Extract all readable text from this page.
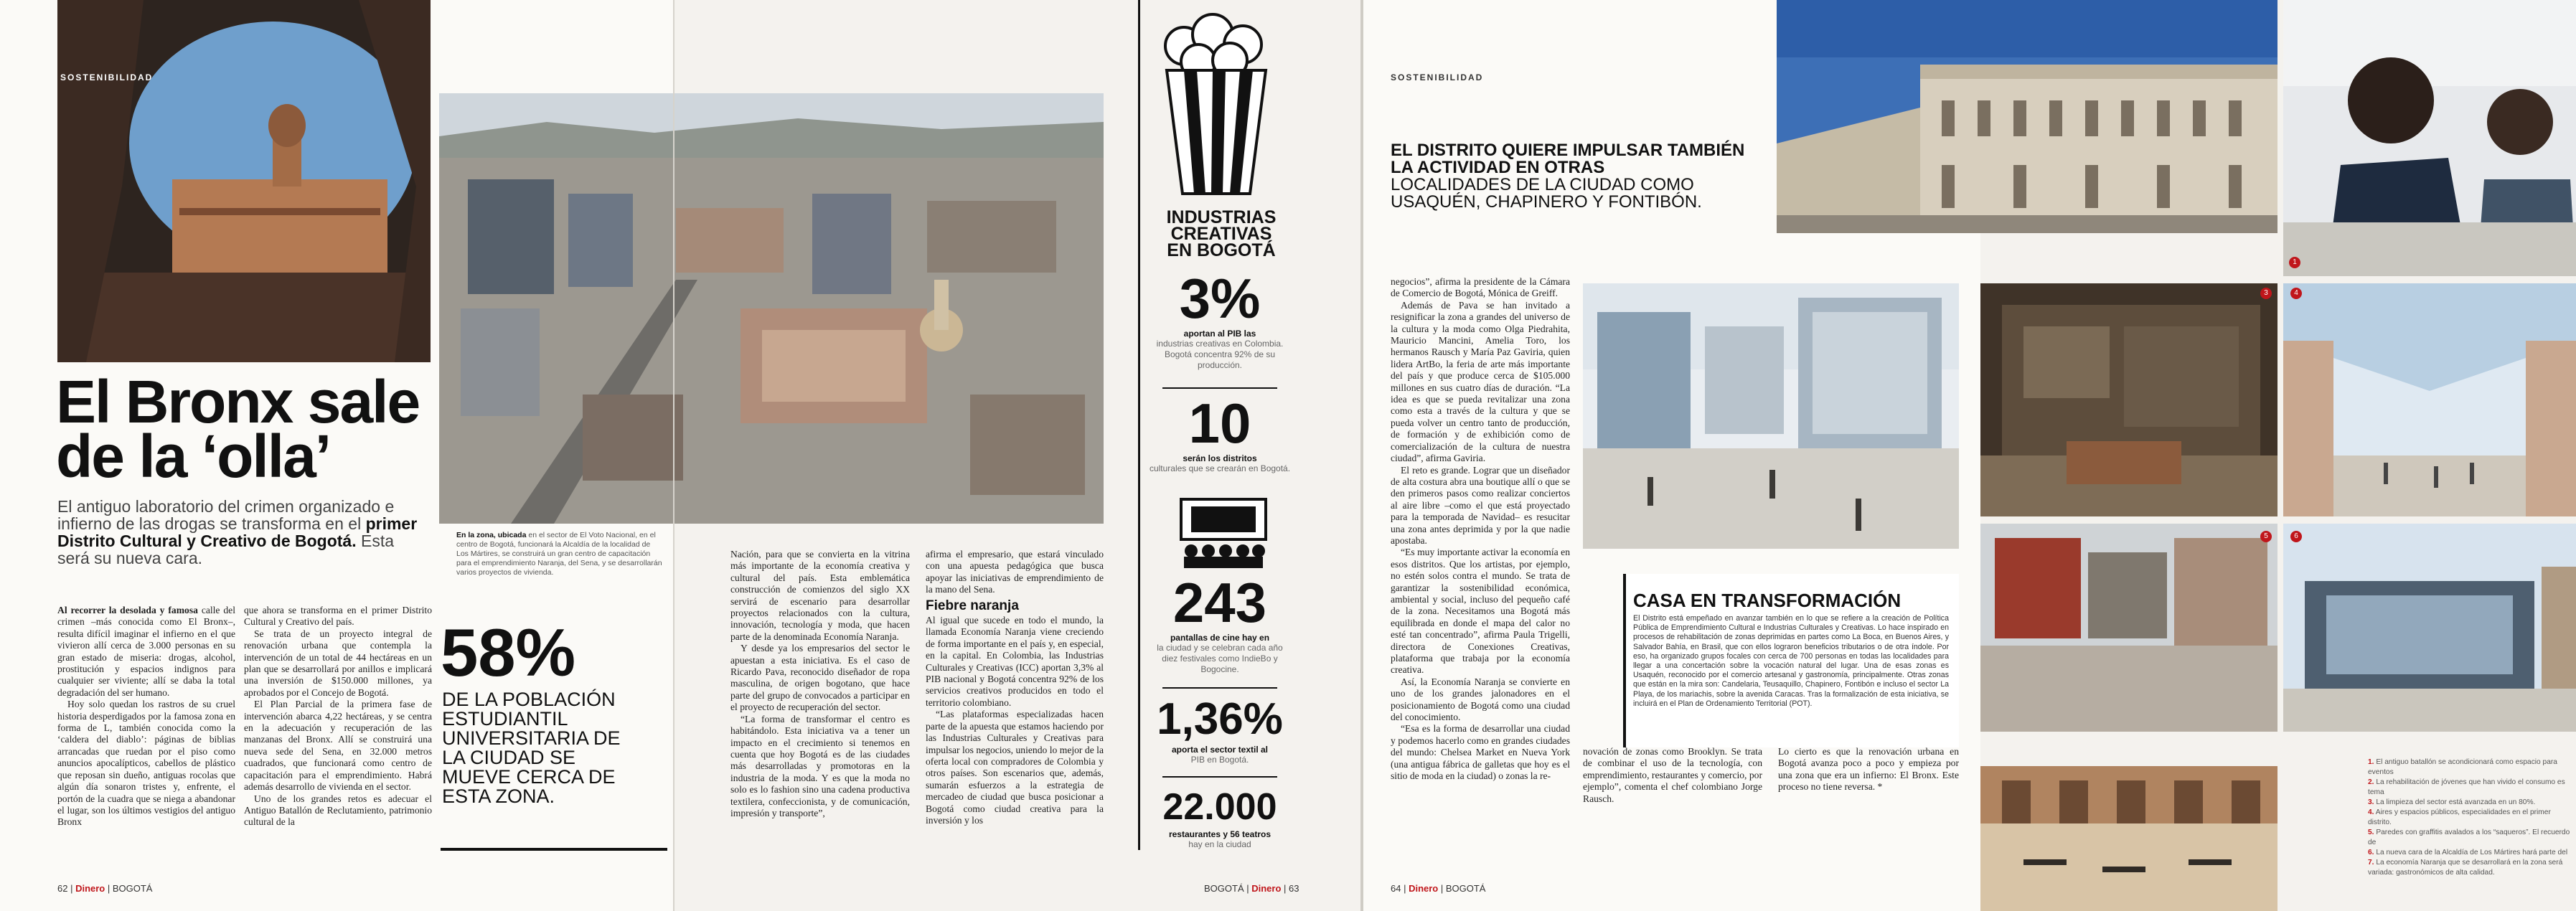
SOSTENIBILIDAD
El Bronx sale
de la ‘olla’
El antiguo laboratorio del crimen organizado e infierno de las drogas se transforma en el primer Distrito Cultural y Creativo de Bogotá. Esta será su nueva cara.

Al recorrer la desolada y famosa calle del crimen –más conocida como El Bronx–, resulta difícil imaginar el infierno en el que vivieron allí cerca de 3.000 personas en su gran estado de miseria: drogas, alcohol, prostitución y espacios indignos para cualquier ser viviente; allí se daba la total degradación del ser humano.

Hoy solo quedan los rastros de su cruel historia desperdigados por la famosa zona en forma de L, también conocida como la ‘caldera del diablo’: páginas de biblias arrancadas que ruedan por el piso como anuncios apocalípticos, cabellos de plástico que reposan sin dueño, antiguas rocolas que algún día sonaron tristes y, enfrente, el portón de la cuadra que se niega a abandonar el lugar, son los últimos vestigios del antiguo Bronx

que ahora se transforma en el primer Distrito Cultural y Creativo del país.

Se trata de un proyecto integral de renovación urbana que contempla la intervención de un total de 44 hectáreas en un plan que se desarrollará por anillos e implicará una inversión de $150.000 millones, ya aprobados por el Concejo de Bogotá.

El Plan Parcial de la primera fase de intervención abarca 4,22 hectáreas, y se centra en la adecuación y recuperación de las manzanas del Bronx. Allí se construirá una nueva sede del Sena, en 32.000 metros cuadrados, que funcionará como centro de capacitación para el emprendimiento. Habrá además desarrollo de vivienda en el sector.

Uno de los grandes retos es adecuar el Antiguo Batallón de Reclutamiento, patrimonio cultural de la

En la zona, ubicada en el sector de El Voto Nacional, en el centro de Bogotá, funcionará la Alcaldía de la localidad de Los Mártires, se construirá un gran centro de capacitación para el emprendimiento Naranja, del Sena, y se desarrollarán varios proyectos de vivienda.
58%
DE LA POBLACIÓN ESTUDIANTIL UNIVERSITARIA DE LA CIUDAD SE MUEVE CERCA DE ESTA ZONA.
62 | Dinero | BOGOTÁ

Nación, para que se convierta en la vitrina más importante de la economía creativa y cultural del país. Esta emblemática construcción de comienzos del siglo XX servirá de escenario para desarrollar proyectos relacionados con la cultura, innovación, tecnología y moda, que hacen parte de la denominada Economía Naranja.

Y desde ya los empresarios del sector le apuestan a esta iniciativa. Es el caso de Ricardo Pava, reconocido diseñador de ropa masculina, de origen bogotano, que hace parte del grupo de convocados a participar en el proyecto de recuperación del sector.

“La forma de transformar el centro es habitándolo. Esta iniciativa va a tener un impacto en el crecimiento si tenemos en cuenta que hoy Bogotá es de las ciudades más desarrolladas y promotoras en la industria de la moda. Y es que la moda no solo es lo fashion sino una cadena productiva textilera, confeccionista, y de comunicación, impresión y transporte”,

afirma el empresario, que estará vinculado con una apuesta pedagógica que busca apoyar las iniciativas de emprendimiento de la mano del Sena.

Fiebre naranja

Al igual que sucede en todo el mundo, la llamada Economía Naranja viene creciendo de forma importante en el país y, en especial, en la capital. En Colombia, las Industrias Culturales y Creativas (ICC) aportan 3,3% al PIB nacional y Bogotá concentra 92% de los servicios creativos producidos en todo el territorio colombiano.

“Las plataformas especializadas hacen parte de la apuesta que estamos haciendo por las Industrias Culturales y Creativas para impulsar los negocios, uniendo lo mejor de la oferta local con compradores de Colombia y otros países. Son escenarios que, además, sumarán esfuerzos a la estrategia de mercadeo de ciudad que busca posicionar a Bogotá como ciudad creativa para la inversión y los

INDUSTRIAS CREATIVAS EN BOGOTÁ
3%
aportan al PIB las
industrias creativas en Colombia. Bogotá concentra 92% de su producción.
10
serán los distritos
culturales que se crearán en Bogotá.
243
pantallas de cine hay en
la ciudad y se celebran cada año diez festivales como IndieBo y Bogocine.
1,36%
aporta el sector textil al
PIB en Bogotá.
22.000
restaurantes y 56 teatros
hay en la ciudad
BOGOTÁ | Dinero | 63
SOSTENIBILIDAD
EL DISTRITO QUIERE IMPULSAR TAMBIÉN LA ACTIVIDAD EN OTRAS
LOCALIDADES DE LA CIUDAD COMO USAQUÉN, CHAPINERO Y FONTIBÓN.

negocios”, afirma la presidente de la Cámara de Comercio de Bogotá, Mónica de Greiff.

Además de Pava se han invitado a resignificar la zona a grandes del universo de la cultura y la moda como Olga Piedrahita, Mauricio Mancini, Amelia Toro, los hermanos Rausch y María Paz Gaviria, quien lidera ArtBo, la feria de arte más importante del país y que produce cerca de $105.000 millones en sus cuatro días de duración. “La idea es que se pueda revitalizar una zona como esta a través de la cultura y que se pueda volver un centro tanto de producción, de formación y de exhibición como de comercialización de la cultura de nuestra ciudad”, afirma Gaviria.

El reto es grande. Lograr que un diseñador de alta costura abra una boutique allí o que se den primeros pasos como realizar conciertos al aire libre –como el que está proyectado para la temporada de Navidad– es resucitar una zona antes deprimida y por la que nadie apostaba.

“Es muy importante activar la economía en esos distritos. Que los artistas, por ejemplo, no estén solos contra el mundo. Se trata de garantizar la sostenibilidad económica, ambiental y social, incluso del pequeño café de la zona. Necesitamos una Bogotá más equilibrada en donde el mapa del calor no esté tan concentrado”, afirma Paula Trigelli, directora de Conexiones Creativas, plataforma que trabaja por la economía creativa.

Así, la Economía Naranja se convierte en uno de los grandes jalonadores en el posicionamiento de Bogotá como una ciudad del conocimiento.

“Esa es la forma de desarrollar una ciudad y podemos hacerlo como en grandes ciudades del mundo: Chelsea Market en Nueva York (una antigua fábrica de galletas que hoy es el sitio de moda en la ciudad) o zonas la re-

CASA EN TRANSFORMACIÓN
El Distrito está empeñado en avanzar también en lo que se refiere a la creación de Política Pública de Emprendimiento Cultural e Industrias Culturales y Creativas. Lo hace inspirado en procesos de rehabilitación de zonas deprimidas en partes como La Boca, en Buenos Aires, y Salvador Bahía, en Brasil, que con ellos lograron beneficios tributarios o de otra índole. Por eso, ha organizado grupos focales con cerca de 700 personas en todas las localidades para llegar a una concertación sobre la vocación natural del lugar. Una de esas zonas es Usaquén, reconocido por el comercio artesanal y gastronomía, principalmente. Otras zonas que están en la mira son: Candelaria, Teusaquillo, Chapinero, Fontibón e incluso el sector La Playa, de los mariachis, sobre la avenida Caracas. Tras la formalización de esta iniciativa, se incluirá en el Plan de Ordenamiento Territorial (POT).

novación de zonas como Brooklyn. Se trata de combinar el uso de la tecnología, con emprendimiento, restaurantes y comercio, por ejemplo”, comenta el chef colombiano Jorge Rausch.

Lo cierto es que la renovación urbana en Bogotá avanza poco a poco y empieza por una zona que era un infierno: El Bronx. Este proceso no tiene reversa. *

64 | Dinero | BOGOTÁ
1
3	4
5	6
1. El antiguo batallón se acondicionará como espacio para eventos
2. La rehabilitación de jóvenes que han vivido el consumo es tema
3. La limpieza del sector está avanzada en un 80%.
4. Aires y espacios públicos, especialidades en el primer distrito.
5. Paredes con graffitis avalados a los “saqueros”. El recuerdo de
6. La nueva cara de la Alcaldía de Los Mártires hará parte del
7. La economía Naranja que se desarrollará en la zona será variada: gastronómicos de alta calidad.
